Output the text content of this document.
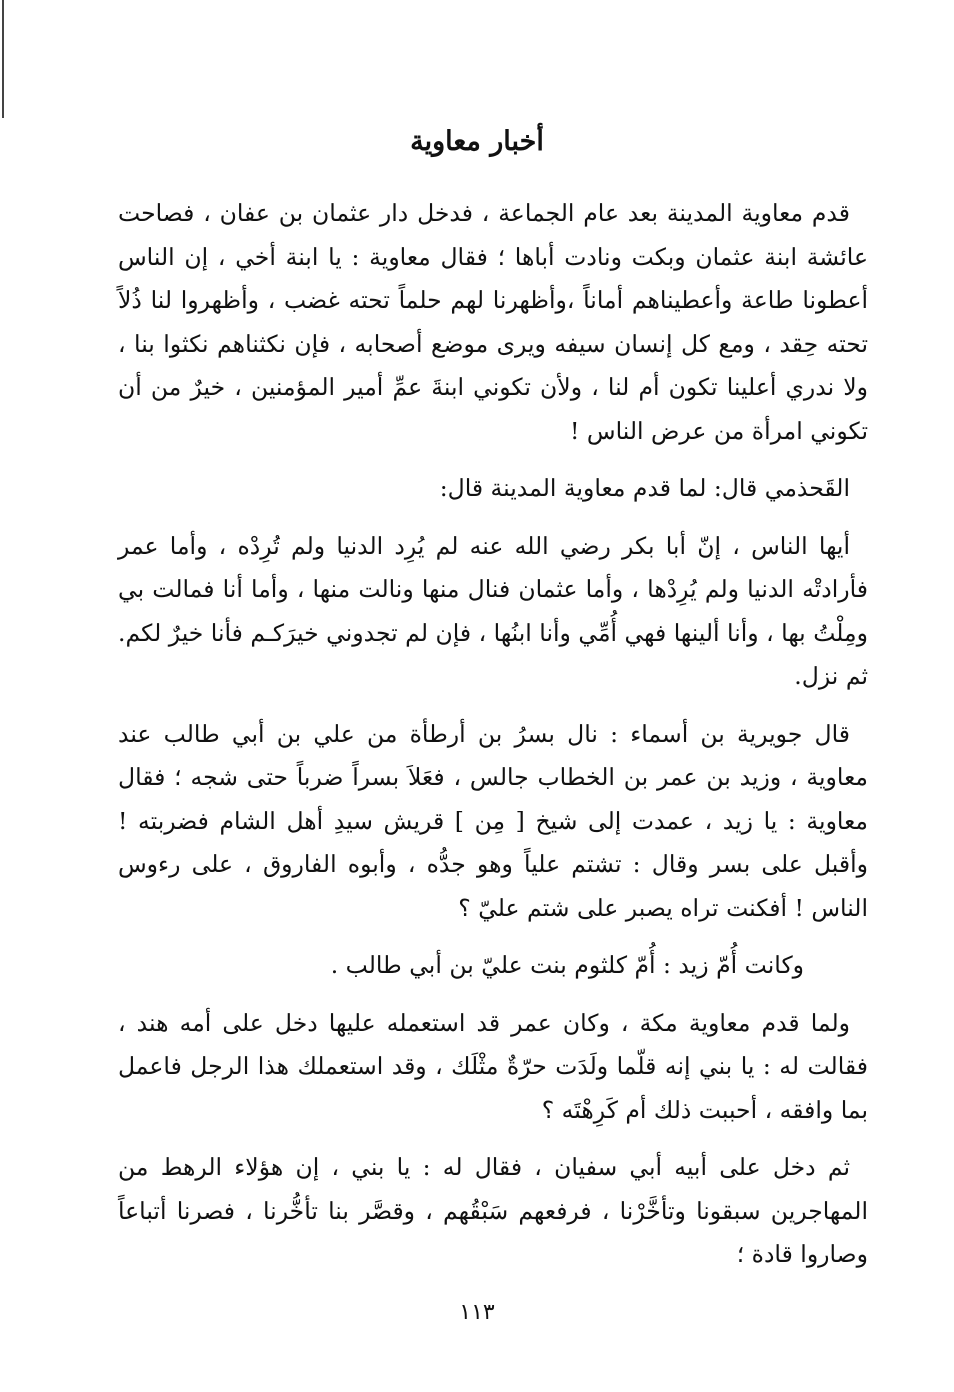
أخبار معاوية

قدم معاوية المدينة بعد عام الجماعة ، فدخل دار عثمان بن عفان ، فصاحت عائشة ابنة عثمان وبكت ونادت أباها ؛ فقال معاوية : يا ابنة أخي ، إن الناس أعطونا طاعة وأعطيناهم أماناً ،وأظهرنا لهم حلماً تحته غضب ، وأظهروا لنا ذُلاً تحته حِقد ، ومع كل إنسان سيفه ويرى موضع أصحابه ، فإن نكثناهم نكثوا بنا ، ولا ندري أعلينا تكون أم لنا ، ولأن تكوني ابنةَ عمِّ أمير المؤمنين ، خيرٌ من أن تكوني امرأة من عرض الناس !

القَحذمي قال: لما قدم معاوية المدينة قال:

أيها الناس ، إنّ أبا بكر رضي الله عنه لم يُرِد الدنيا ولم تُرِدْه ، وأما عمر فأرادتْه الدنيا ولم يُرِدْها ، وأما عثمان فنال منها ونالت منها ، وأما أنا فمالت بي ومِلْتُ بها ، وأنا ألينها فهي أُمِّي وأنا ابنُها ، فإن لم تجدوني خيرَكـم فأنا خيرٌ لكم. ثم نزل.

قال جويرية بن أسماء : نال بسرُ بن أرطأة من علي بن أبي طالب عند معاوية ، وزيد بن عمر بن الخطاب جالس ، فعَلاَ بسراً ضرباً حتى شجه ؛ فقال معاوية : يا زيد ، عمدت إلى شيخ [ مِن ] قريش سيدِ أهل الشام فضربته ! وأقبل على بسر وقال : تشتم علياً وهو جدُّه ، وأبوه الفاروق ، على رءوس الناس ! أفكنت تراه يصبر على شتم عليّ ؟

وكانت أُمّ زيد : أُمّ كلثوم بنت عليّ بن أبي طالب .

ولما قدم معاوية مكة ، وكان عمر قد استعمله عليها دخل على أمه هند ، فقالت له : يا بني إنه قلّما ولَدَت حرّةٌ مثْلَك ، وقد استعملك هذا الرجل فاعمل بما وافقه ، أحببت ذلك أم كَرِهْتَه ؟

ثم دخل على أبيه أبي سفيان ، فقال له : يا بني ، إن هؤلاء الرهط من المهاجرين سبقونا وتأخَّرْنا ، فرفعهم سَبْقُهم ، وقصَّر بنا تأخُّرنا ، فصرنا أتباعاً وصاروا قادة ؛

١١٣
